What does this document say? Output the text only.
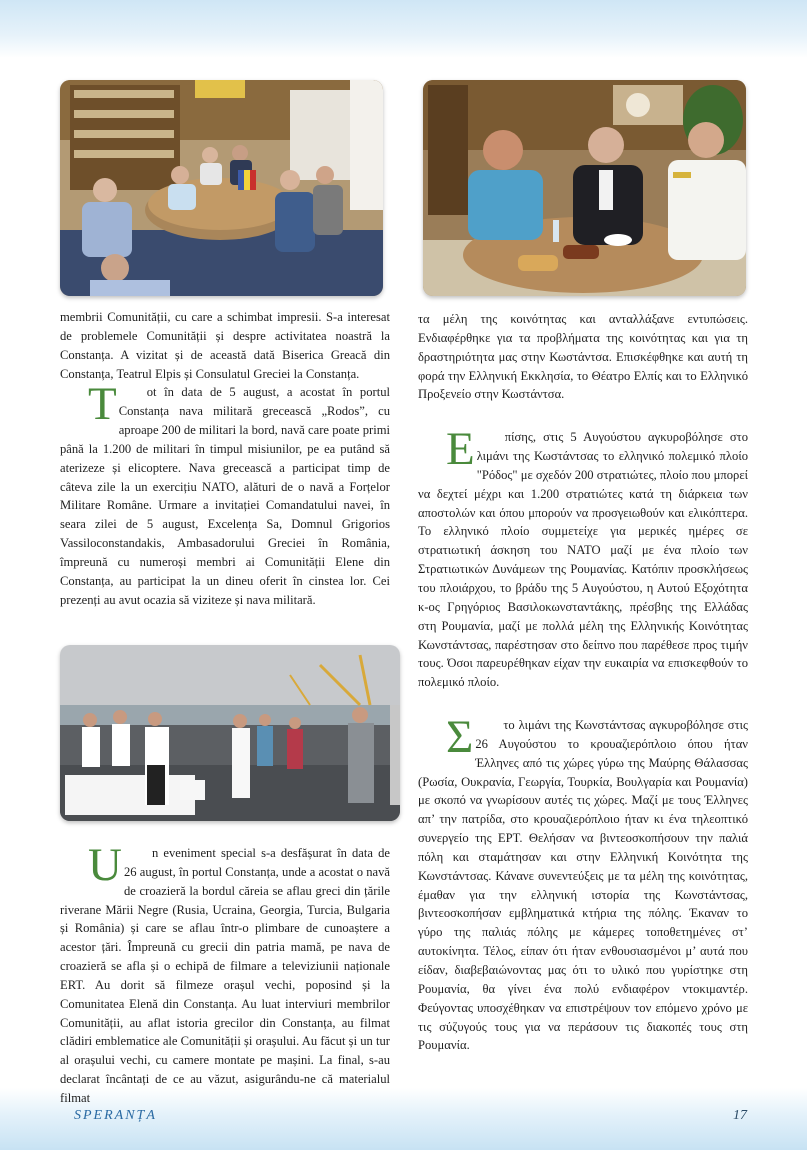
membrii Comunității, cu care a schimbat impresii. S-a interesat de problemele Comunității și despre activitatea noastră la Constanța. A vizitat și de această dată Biserica Greacă din Constanța, Teatrul Elpis și Consulatul Greciei la Constanța.

T ot în data de 5 august, a acostat în portul Constanța nava militară grecească „Rodos”, cu aproape 200 de militari la bord, navă care poate primi până la 1.200 de militari în timpul misiunilor, pe ea putând să aterizeze și elicoptere. Nava grecească a participat timp de câteva zile la un exercițiu NATO, alături de o navă a Forțelor Militare Române. Urmare a invitației Comandatului navei, în seara zilei de 5 august, Excelența Sa, Domnul Grigorios Vassiloconstandakis, Ambasadorului Greciei în România, împreună cu numeroși membri ai Comunității Elene din Constanța, au participat la un dineu oferit în cinstea lor. Cei prezenți au avut ocazia să viziteze și nava militară.

U n eveniment special s-a desfășurat în data de 26 august, în portul Constanța, unde a acostat o navă de croazieră la bordul căreia se aflau greci din țările riverane Mării Negre (Rusia, Ucraina, Georgia, Turcia, Bulgaria și România) și care se aflau într-o plimbare de cunoaștere a acestor țări. Împreună cu grecii din patria mamă, pe nava de croazieră se afla și o echipă de filmare a televiziunii naționale ERT. Au dorit să filmeze orașul vechi, poposind și la Comunitatea Elenă din Constanța. Au luat interviuri membrilor Comunității, au aflat istoria grecilor din Constanța, au filmat clădiri emblematice ale Comunității și orașului. Au făcut și un tur al orașului vechi, cu camere montate pe mașini. La final, s-au declarat încântați de ce au văzut, asigurându-ne că materialul filmat

τα μέλη της κοινότητας και ανταλλάξανε εντυπώσεις. Ενδιαφέρθηκε για τα προβλήματα της κοινότητας και για τη δραστηριότητα μας στην Κωστάντσα. Επισκέφθηκε και αυτή τη φορά την Ελληνική Εκκλησία, το Θέατρο Ελπίς και το Ελληνικό Προξενείο στην Κωστάντσα.

Ε πίσης, στις 5 Αυγούστου αγκυροβόλησε στο λιμάνι της Κωστάντσας το ελληνικό πολεμικό πλοίο "Ρόδος" με σχεδόν 200 στρατιώτες, πλοίο που μπορεί να δεχτεί μέχρι και 1.200 στρατιώτες κατά τη διάρκεια των αποστολών και όπου μπορούν να προσγειωθούν και ελικόπτερα. Το ελληνικό πλοίο συμμετείχε για μερικές ημέρες σε στρατιωτική άσκηση του ΝΑΤΟ μαζί με ένα πλοίο των Στρατιωτικών Δυνάμεων της Ρουμανίας. Κατόπιν προσκλήσεως του πλοιάρχου, το βράδυ της 5 Αυγούστου, η Αυτού Εξοχότητα κ-ος Γρηγόριος Βασιλοκωνσταντάκης, πρέσβης της Ελλάδας στη Ρουμανία, μαζί με πολλά μέλη της Ελληνικής Κοινότητας Κωνστάντσας, παρέστησαν στο δείπνο που παρέθεσε προς τιμήν τους. Όσοι παρευρέθηκαν είχαν την ευκαιρία να επισκεφθούν το πολεμικό πλοίο.

Σ το λιμάνι της Κωνστάντσας αγκυροβόλησε στις 26 Αυγούστου το κρουαζιερόπλοιο όπου ήταν Έλληνες από τις χώρες γύρω της Μαύρης Θάλασσας (Ρωσία, Ουκρανία, Γεωργία, Τουρκία, Βουλγαρία και Ρουμανία) με σκοπό να γνωρίσουν αυτές τις χώρες. Μαζί με τους Έλληνες απ’ την πατρίδα, στο κρουαζιερόπλοιο ήταν κι ένα τηλεοπτικό συνεργείο της ΕΡΤ. Θελήσαν να βιντεοσκοπήσουν την παλιά πόλη και σταμάτησαν και στην Ελληνική Κοινότητα της Κωνστάντσας. Κάνανε συνεντεύξεις με τα μέλη της κοινότητας, έμαθαν για την ελληνική ιστορία της Κωνστάντσας, βιντεοσκοπήσαν εμβληματικά κτήρια της πόλης. Έκαναν το γύρο της παλιάς πόλης με κάμερες τοποθετημένες στ’ αυτοκίνητα. Τέλος, είπαν ότι ήταν ενθουσιασμένοι μ’ αυτά που είδαν, διαβεβαιώνοντας μας ότι το υλικό που γυρίστηκε στη Ρουμανία, θα γίνει ένα πολύ ενδιαφέρον ντοκιμαντέρ. Φεύγοντας υποσχέθηκαν να επιστρέψουν τον επόμενο χρόνο με τις σύζυγούς τους για να περάσουν τις διακοπές τους στη Ρουμανία.

SPERANȚA	17
